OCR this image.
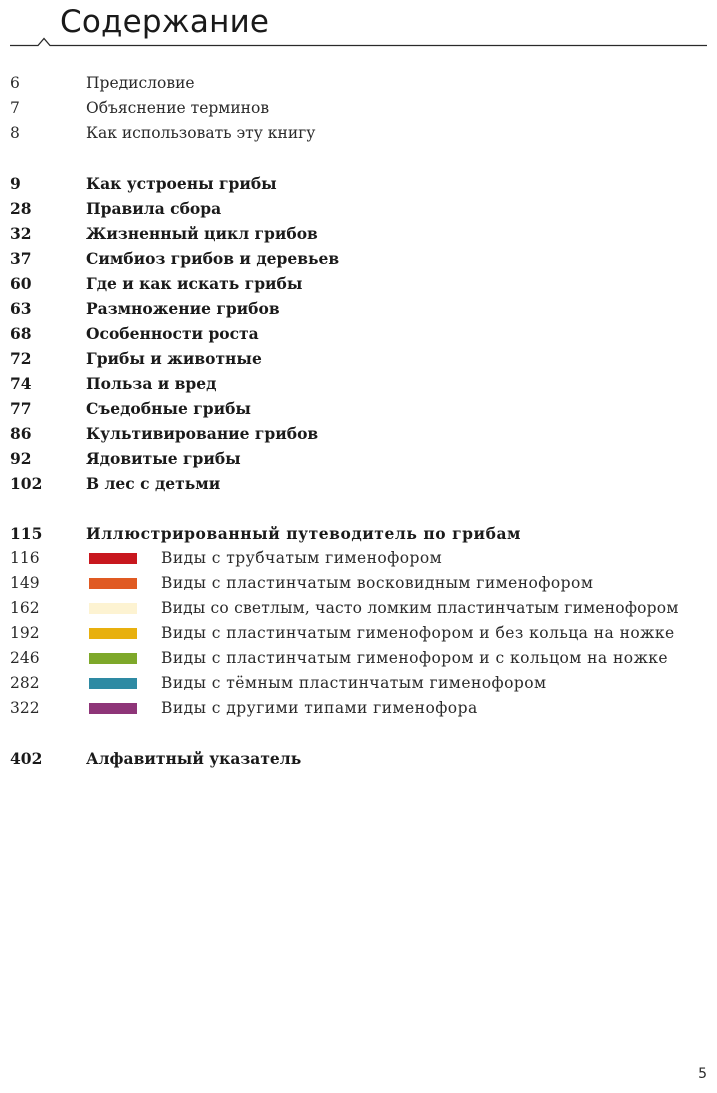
Содержание
6	Предисловие
7	Объяснение терминов
8	Как использовать эту книгу
9	Как устроены грибы
28	Правила сбора
32	Жизненный цикл грибов
37	Симбиоз грибов и деревьев
60	Где и как искать грибы
63	Размножение грибов
68	Особенности роста
72	Грибы и животные
74	Польза и вред
77	Съедобные грибы
86	Культивирование грибов
92	Ядовитые грибы
102	В лес с детьми
115	Иллюстрированный путеводитель по грибам
116	Виды с трубчатым гименофором
149	Виды с пластинчатым восковидным гименофором
162	Виды со светлым, часто ломким пластинчатым гименофором
192	Виды с пластинчатым гименофором и без кольца на ножке
246	Виды с пластинчатым гименофором и с кольцом на ножке
282	Виды с тёмным пластинчатым гименофором
322	Виды с другими типами гименофора
402	Алфавитный указатель
5
